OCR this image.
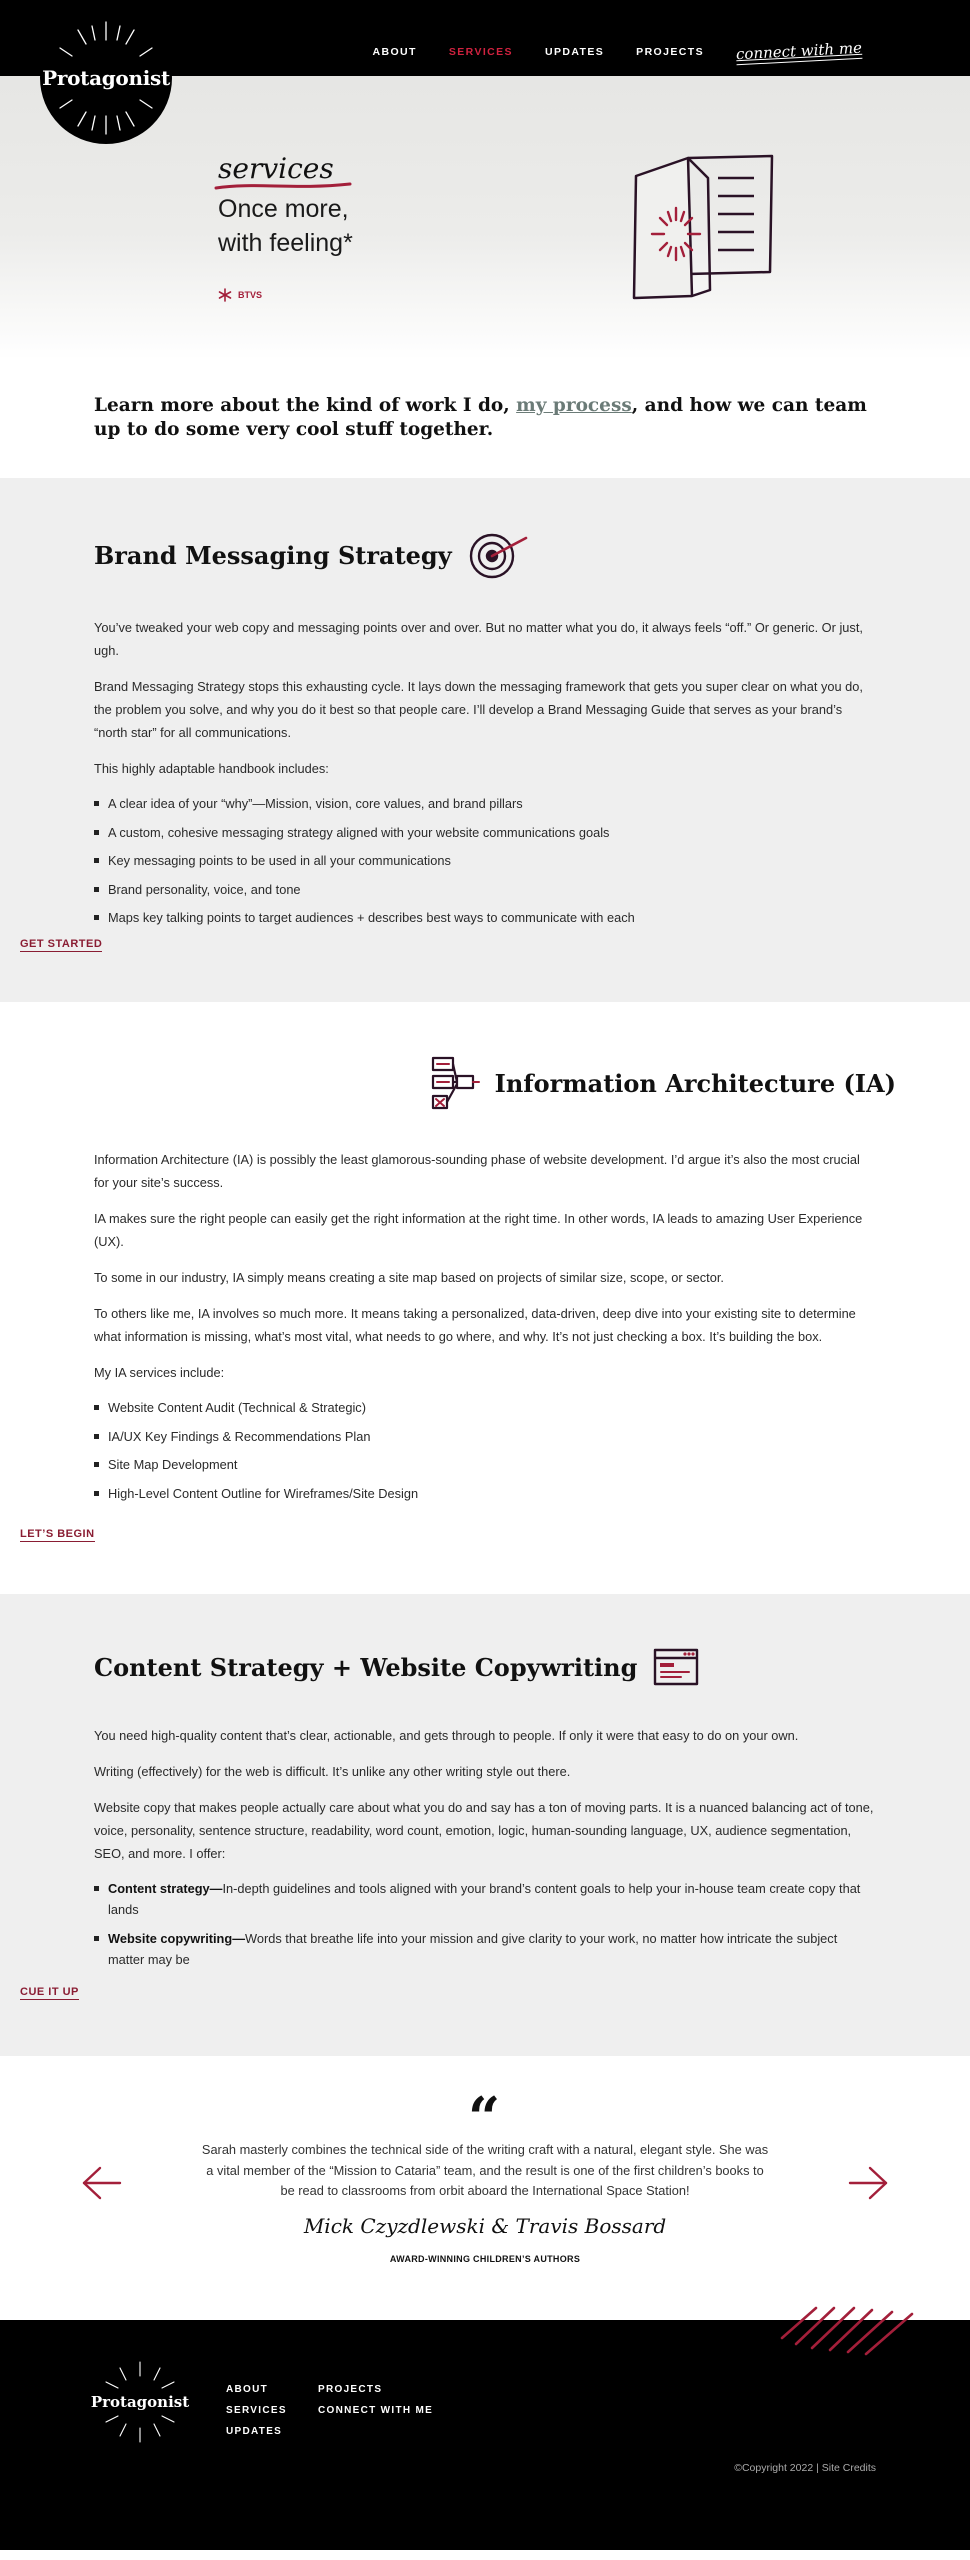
Protagonist
ABOUT	SERVICES	UPDATES	PROJECTS connect with me
services
Once more,
with feeling*
BTVS
Learn more about the kind of work I do, my process, and how we can team up to do some very cool stuff together.
Brand Messaging Strategy

You’ve tweaked your web copy and messaging points over and over. But no matter what you do, it always feels “off.” Or generic. Or just, ugh.

Brand Messaging Strategy stops this exhausting cycle. It lays down the messaging framework that gets you super clear on what you do, the problem you solve, and why you do it best so that people care. I’ll develop a Brand Messaging Guide that serves as your brand’s “north star” for all communications.

This highly adaptable handbook includes:

A clear idea of your “why”—Mission, vision, core values, and brand pillars
A custom, cohesive messaging strategy aligned with your website communications goals
Key messaging points to be used in all your communications
Brand personality, voice, and tone
Maps key talking points to target audiences + describes best ways to communicate with each
GET STARTED
Information Architecture (IA)

Information Architecture (IA) is possibly the least glamorous-sounding phase of website development. I’d argue it’s also the most crucial for your site’s success.

IA makes sure the right people can easily get the right information at the right time. In other words, IA leads to amazing User Experience (UX).

To some in our industry, IA simply means creating a site map based on projects of similar size, scope, or sector.

To others like me, IA involves so much more. It means taking a personalized, data-driven, deep dive into your existing site to determine what information is missing, what’s most vital, what needs to go where, and why. It’s not just checking a box. It’s building the box.

My IA services include:

Website Content Audit (Technical & Strategic)
IA/UX Key Findings & Recommendations Plan
Site Map Development
High-Level Content Outline for Wireframes/Site Design
LET’S BEGIN
Content Strategy + Website Copywriting

You need high-quality content that’s clear, actionable, and gets through to people. If only it were that easy to do on your own.

Writing (effectively) for the web is difficult. It’s unlike any other writing style out there.

Website copy that makes people actually care about what you do and say has a ton of moving parts. It is a nuanced balancing act of tone, voice, personality, sentence structure, readability, word count, emotion, logic, human-sounding language, UX, audience segmentation, SEO, and more. I offer:

Content strategy—In-depth guidelines and tools aligned with your brand’s content goals to help your in-house team create copy that lands
Website copywriting—Words that breathe life into your mission and give clarity to your work, no matter how intricate the subject matter may be
CUE IT UP
“
Sarah masterly combines the technical side of the writing craft with a natural, elegant style. She was a vital member of the “Mission to Cataria” team, and the result is one of the first children’s books to be read to classrooms from orbit aboard the International Space Station!
Mick Czyzdlewski & Travis Bossard
AWARD-WINNING CHILDREN’S AUTHORS
Protagonist
ABOUT
SERVICES
UPDATES
PROJECTS
CONNECT WITH ME
©Copyright 2022 | Site Credits
